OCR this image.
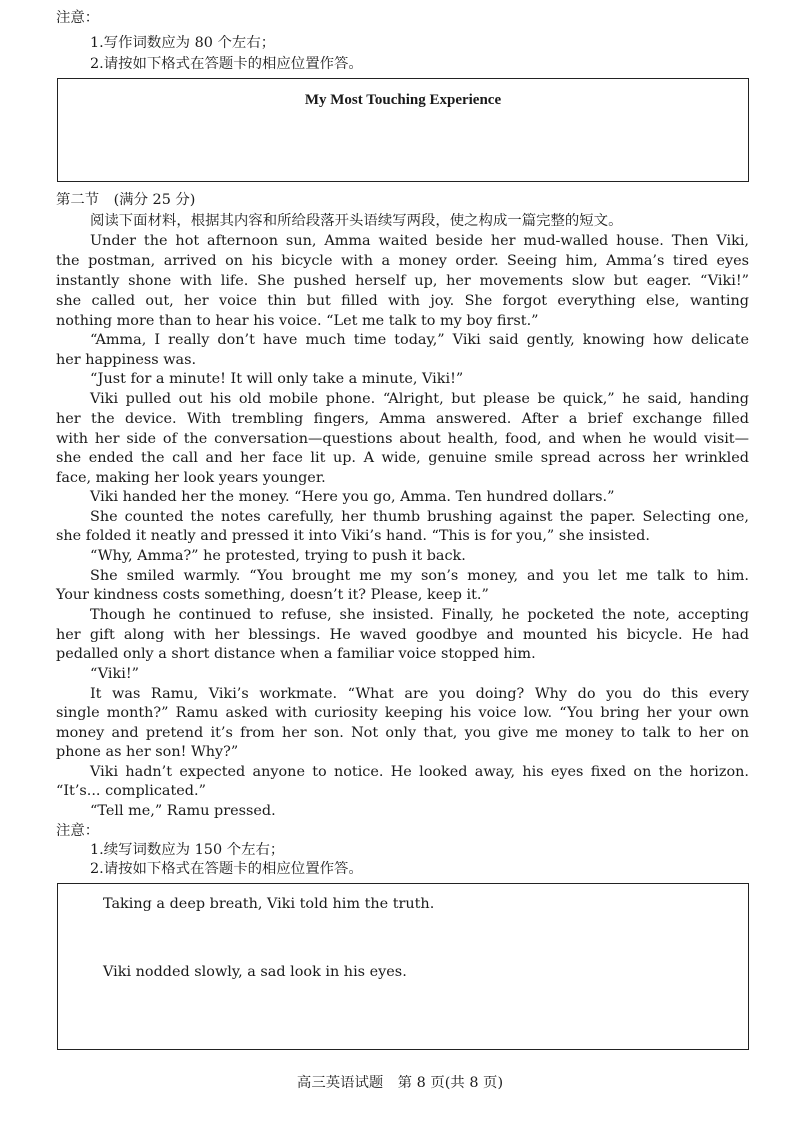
注意：
1.写作词数应为 80 个左右；
2.请按如下格式在答题卡的相应位置作答。
My Most Touching Experience
第二节　(满分 25 分)
阅读下面材料，根据其内容和所给段落开头语续写两段，使之构成一篇完整的短文。
Under the hot afternoon sun, Amma waited beside her mud-walled house. Then Viki,
the postman, arrived on his bicycle with a money order. Seeing him, Amma’s tired eyes
instantly shone with life. She pushed herself up, her movements slow but eager. “Viki!”
she called out, her voice thin but filled with joy. She forgot everything else, wanting
nothing more than to hear his voice. “Let me talk to my boy first.”
“Amma, I really don’t have much time today,” Viki said gently, knowing how delicate
her happiness was.
“Just for a minute! It will only take a minute, Viki!”
Viki pulled out his old mobile phone. “Alright, but please be quick,” he said, handing
her the device. With trembling fingers, Amma answered. After a brief exchange filled
with her side of the conversation—questions about health, food, and when he would visit—
she ended the call and her face lit up. A wide, genuine smile spread across her wrinkled
face, making her look years younger.
Viki handed her the money. “Here you go, Amma. Ten hundred dollars.”
She counted the notes carefully, her thumb brushing against the paper. Selecting one,
she folded it neatly and pressed it into Viki’s hand. “This is for you,” she insisted.
“Why, Amma?” he protested, trying to push it back.
She smiled warmly. “You brought me my son’s money, and you let me talk to him.
Your kindness costs something, doesn’t it? Please, keep it.”
Though he continued to refuse, she insisted. Finally, he pocketed the note, accepting
her gift along with her blessings. He waved goodbye and mounted his bicycle. He had
pedalled only a short distance when a familiar voice stopped him.
“Viki!”
It was Ramu, Viki’s workmate. “What are you doing? Why do you do this every
single month?” Ramu asked with curiosity keeping his voice low. “You bring her your own
money and pretend it’s from her son. Not only that, you give me money to talk to her on
phone as her son! Why?”
Viki hadn’t expected anyone to notice. He looked away, his eyes fixed on the horizon.
“It’s... complicated.”
“Tell me,” Ramu pressed.
注意：
1.续写词数应为 150 个左右；
2.请按如下格式在答题卡的相应位置作答。
Taking a deep breath, Viki told him the truth.
Viki nodded slowly, a sad look in his eyes.
高三英语试题　第 8 页(共 8 页)
